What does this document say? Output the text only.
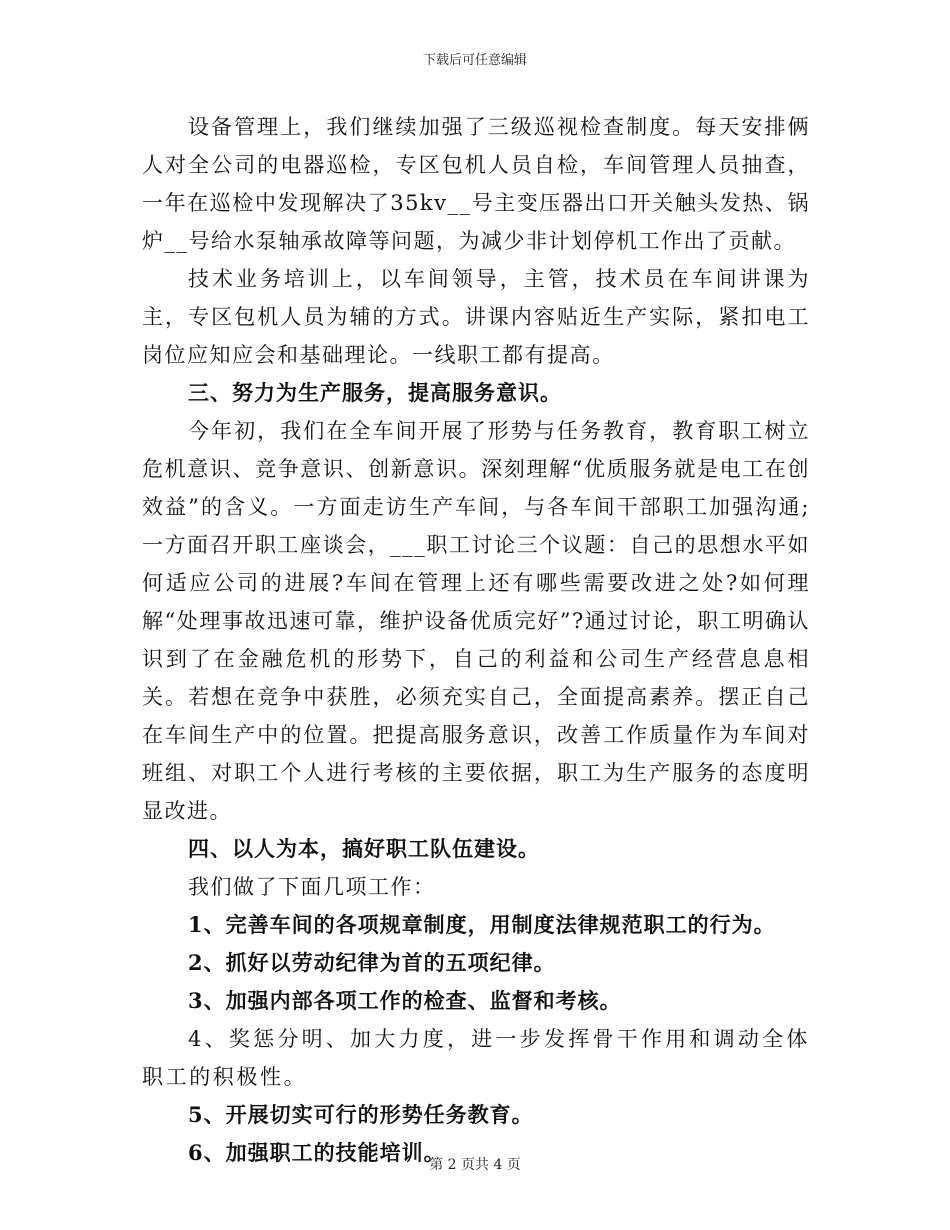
下载后可任意编辑

设备管理上，我们继续加强了三级巡视检查制度。每天安排俩人对全公司的电器巡检，专区包机人员自检，车间管理人员抽查，一年在巡检中发现解决了35kv__号主变压器出口开关触头发热、锅炉__号给水泵轴承故障等问题，为减少非计划停机工作出了贡献。

技术业务培训上，以车间领导，主管，技术员在车间讲课为主，专区包机人员为辅的方式。讲课内容贴近生产实际，紧扣电工岗位应知应会和基础理论。一线职工都有提高。

三、努力为生产服务，提高服务意识。

今年初，我们在全车间开展了形势与任务教育，教育职工树立危机意识、竞争意识、创新意识。深刻理解“优质服务就是电工在创效益”的含义。一方面走访生产车间，与各车间干部职工加强沟通;一方面召开职工座谈会，___职工讨论三个议题：自己的思想水平如何适应公司的进展?车间在管理上还有哪些需要改进之处?如何理解“处理事故迅速可靠，维护设备优质完好”?通过讨论，职工明确认识到了在金融危机的形势下，自己的利益和公司生产经营息息相关。若想在竞争中获胜，必须充实自己，全面提高素养。摆正自己在车间生产中的位置。把提高服务意识，改善工作质量作为车间对班组、对职工个人进行考核的主要依据，职工为生产服务的态度明显改进。

四、以人为本，搞好职工队伍建设。

我们做了下面几项工作：

1、完善车间的各项规章制度，用制度法律规范职工的行为。

2、抓好以劳动纪律为首的五项纪律。

3、加强内部各项工作的检查、监督和考核。

4、奖惩分明、加大力度，进一步发挥骨干作用和调动全体职工的积极性。

5、开展切实可行的形势任务教育。

6、加强职工的技能培训。

第 2 页共 4 页
